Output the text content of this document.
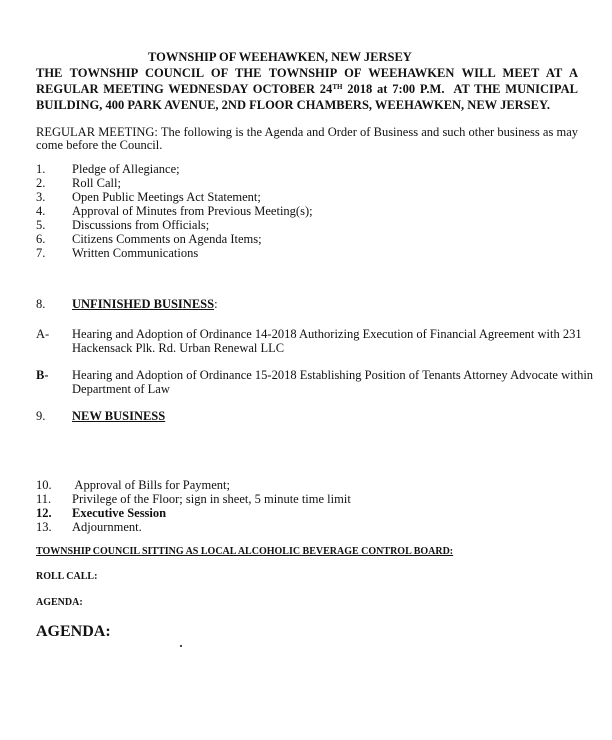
TOWNSHIP OF WEEHAWKEN, NEW JERSEY
THE TOWNSHIP COUNCIL OF THE TOWNSHIP OF WEEHAWKEN WILL MEET AT A
REGULAR MEETING WEDNESDAY OCTOBER 24TH 2018 at 7:00 P.M.  AT THE MUNICIPAL
BUILDING, 400 PARK AVENUE, 2ND FLOOR CHAMBERS, WEEHAWKEN, NEW JERSEY.
REGULAR MEETING: The following is the Agenda and Order of Business and such other business as may
come before the Council.
1. Pledge of Allegiance;
2. Roll Call;
3. Open Public Meetings Act Statement;
4. Approval of Minutes from Previous Meeting(s);
5. Discussions from Officials;
6. Citizens Comments on Agenda Items;
7. Written Communications
8. UNFINISHED BUSINESS:
A- Hearing and Adoption of Ordinance 14-2018 Authorizing Execution of Financial Agreement with 231
Hackensack Plk. Rd. Urban Renewal LLC
B- Hearing and Adoption of Ordinance 15-2018 Establishing Position of Tenants Attorney Advocate within
Department of Law
9. NEW BUSINESS
10. Approval of Bills for Payment;
11. Privilege of the Floor; sign in sheet, 5 minute time limit
12. Executive Session
13. Adjournment.
TOWNSHIP COUNCIL SITTING AS LOCAL ALCOHOLIC BEVERAGE CONTROL BOARD:
ROLL CALL:
AGENDA:
AGENDA:
